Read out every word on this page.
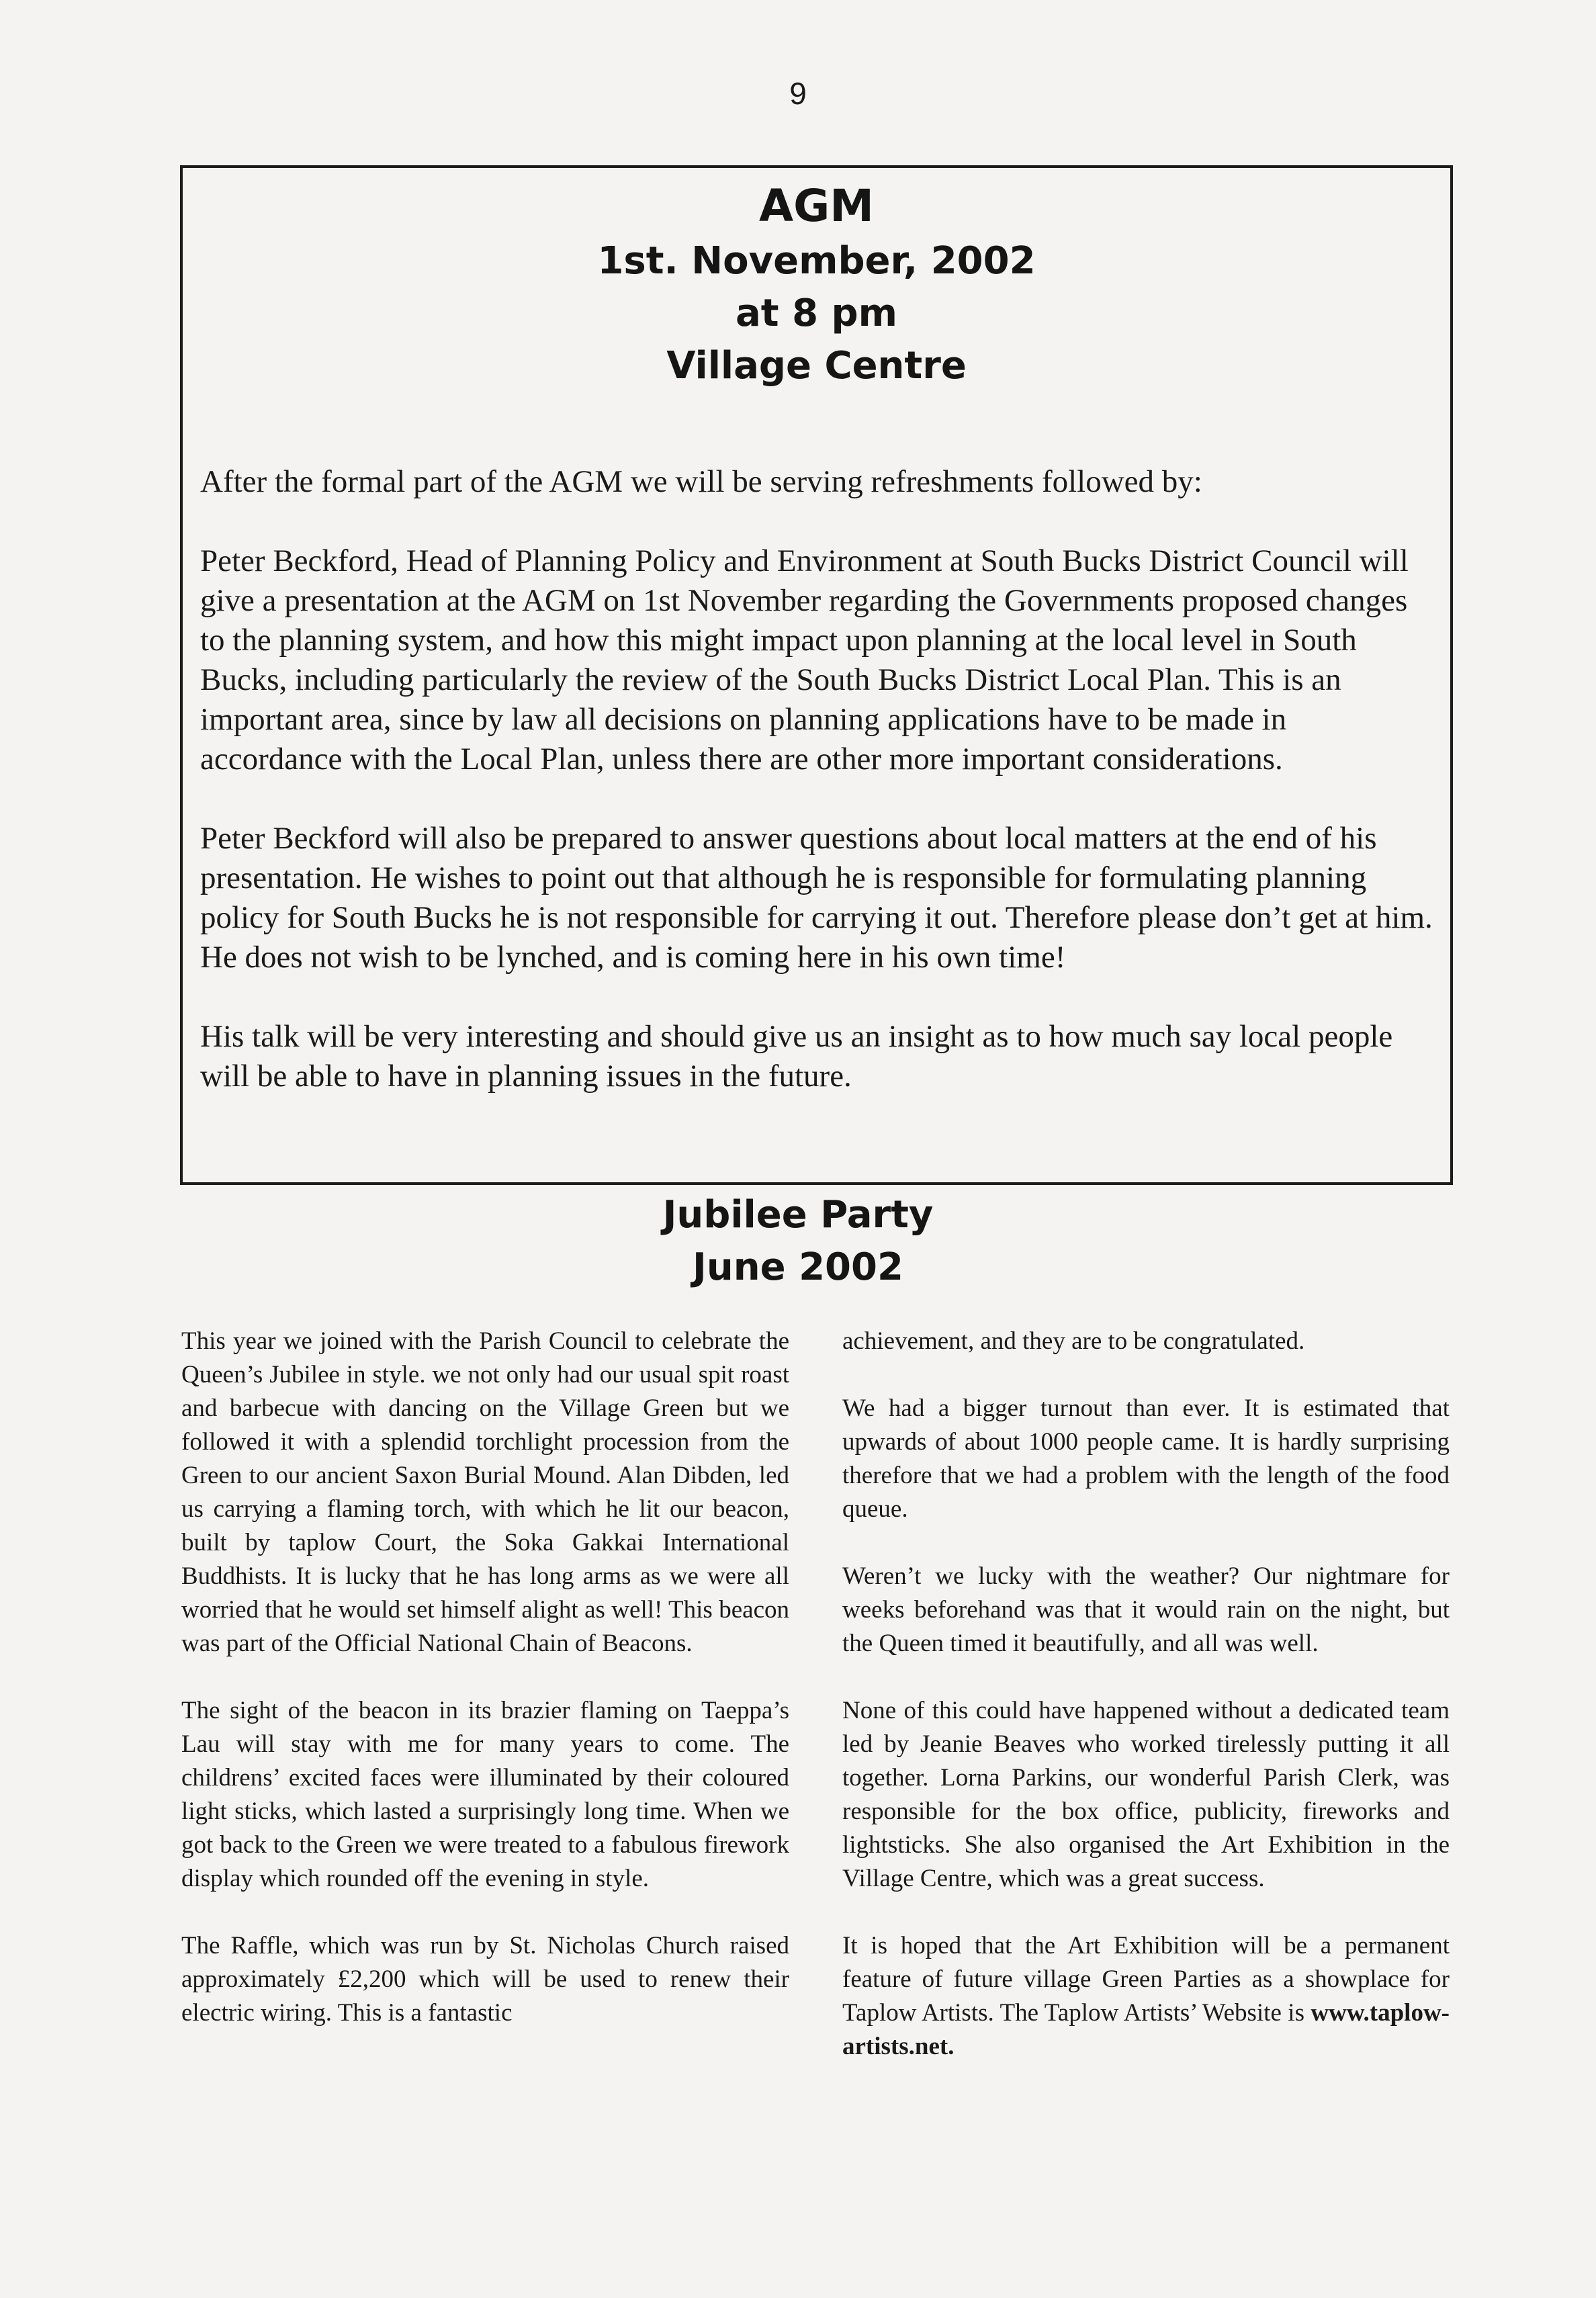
9
AGM
1st. November, 2002
at 8 pm
Village Centre

After the formal part of the AGM we will be serving refreshments followed by:

Peter Beckford, Head of Planning Policy and Environment at South Bucks District Council will give a presentation at the AGM on 1st November regarding the Governments proposed changes to the planning system, and how this might impact upon planning at the local level in South Bucks, including particularly the review of the South Bucks District Local Plan. This is an important area, since by law all decisions on planning applications have to be made in accordance with the Local Plan, unless there are other more important considerations.

Peter Beckford will also be prepared to answer questions about local matters at the end of his presentation. He wishes to point out that although he is responsible for formulating planning policy for South Bucks he is not responsible for carrying it out. Therefore please don’t get at him. He does not wish to be lynched, and is coming here in his own time!

His talk will be very interesting and should give us an insight as to how much say local people will be able to have in planning issues in the future.

Jubilee Party
June 2002

This year we joined with the Parish Council to celebrate the Queen’s Jubilee in style. we not only had our usual spit roast and barbecue with dancing on the Village Green but we followed it with a splendid torchlight procession from the Green to our ancient Saxon Burial Mound. Alan Dibden, led us carrying a flaming torch, with which he lit our beacon, built by taplow Court, the Soka Gakkai International Buddhists. It is lucky that he has long arms as we were all worried that he would set himself alight as well! This beacon was part of the Official National Chain of Beacons.

The sight of the beacon in its brazier flaming on Taeppa’s Lau will stay with me for many years to come. The childrens’ excited faces were illuminated by their coloured light sticks, which lasted a surprisingly long time. When we got back to the Green we were treated to a fabulous firework display which rounded off the evening in style.

The Raffle, which was run by St. Nicholas Church raised approximately £2,200 which will be used to renew their electric wiring. This is a fantastic

achievement, and they are to be congratulated.

We had a bigger turnout than ever. It is estimated that upwards of about 1000 people came. It is hardly surprising therefore that we had a problem with the length of the food queue.

Weren’t we lucky with the weather? Our nightmare for weeks beforehand was that it would rain on the night, but the Queen timed it beautifully, and all was well.

None of this could have happened without a dedicated team led by Jeanie Beaves who worked tirelessly putting it all together. Lorna Parkins, our wonderful Parish Clerk, was responsible for the box office, publicity, fireworks and lightsticks. She also organised the Art Exhibition in the Village Centre, which was a great success.

It is hoped that the Art Exhibition will be a permanent feature of future village Green Parties as a showplace for Taplow Artists. The Taplow Artists’ Website is www.taplow-artists.net.
